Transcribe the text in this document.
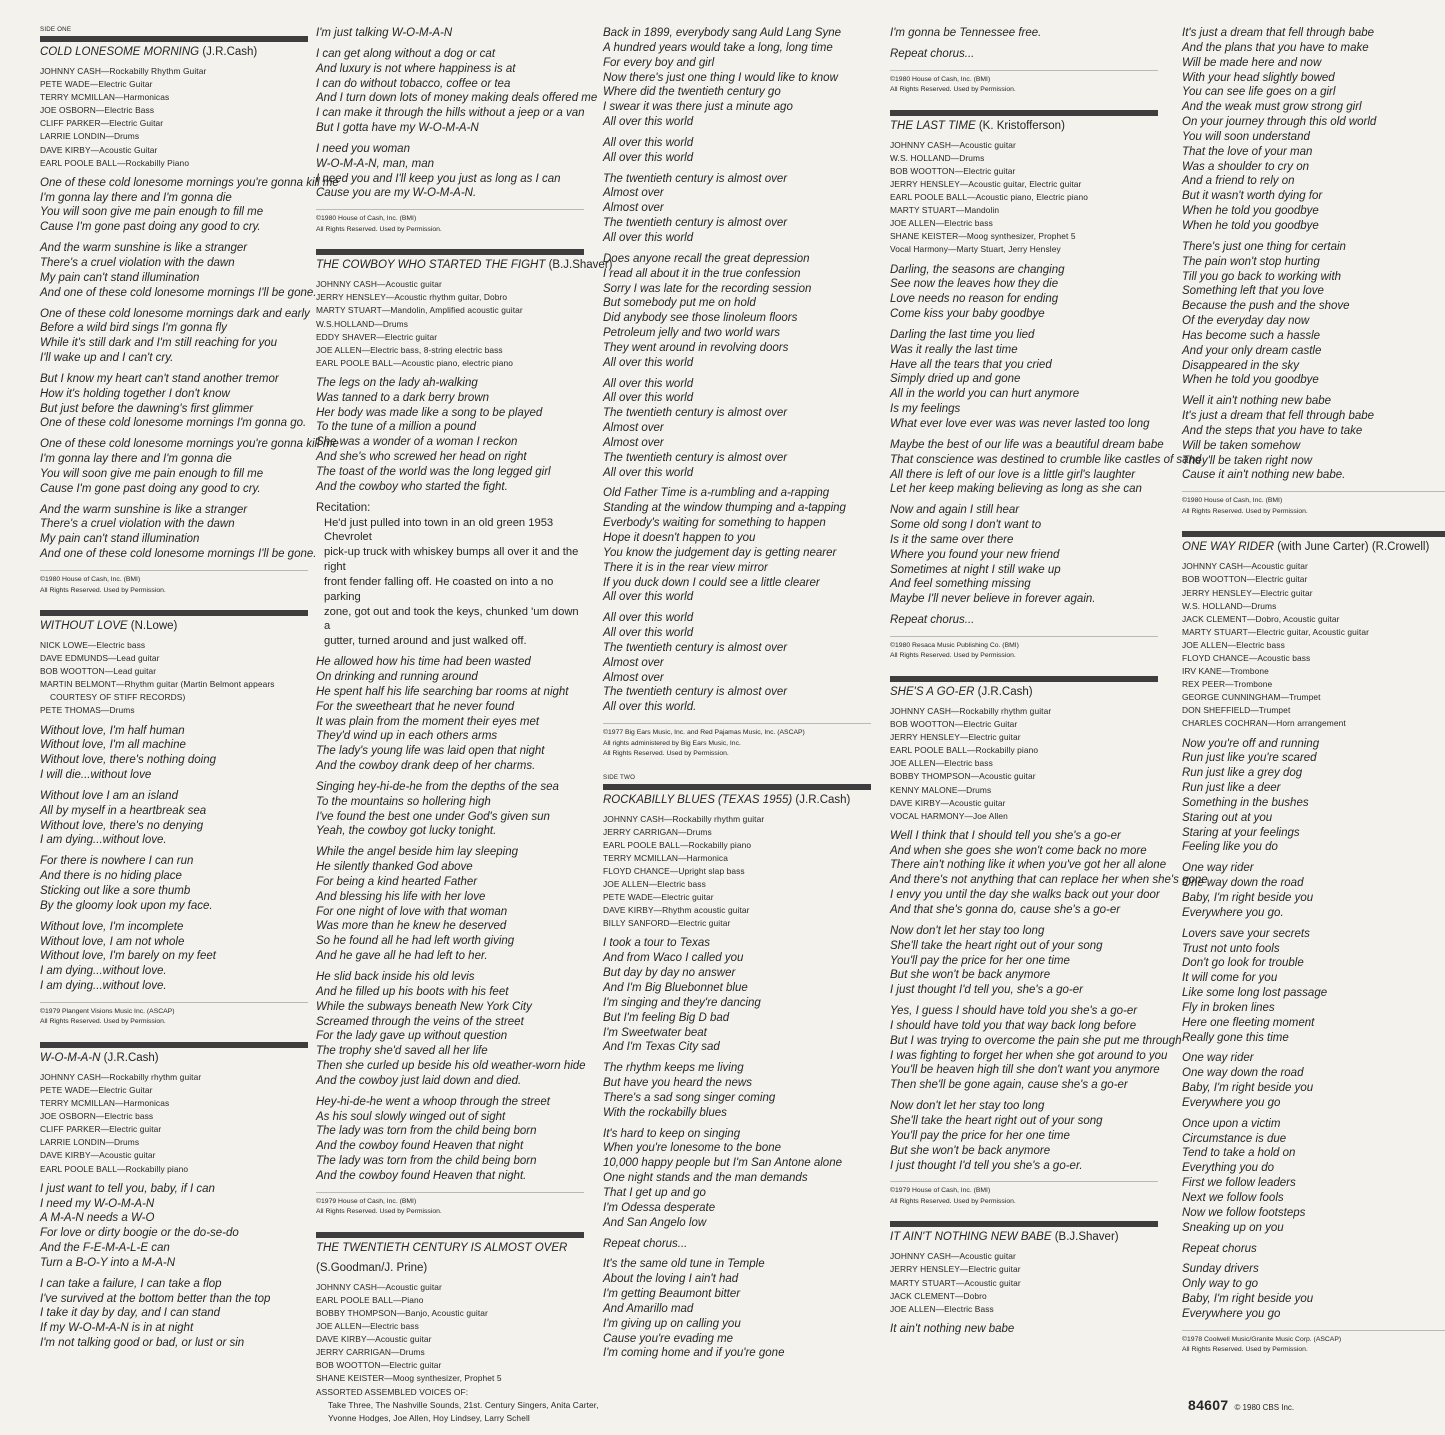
SIDE ONE
COLD LONESOME MORNING (J.R.Cash)
JOHNNY CASH—Rockabilly Rhythm Guitar
PETE WADE—Electric Guitar
TERRY MCMILLAN—Harmonicas
JOE OSBORN—Electric Bass
CLIFF PARKER—Electric Guitar
LARRIE LONDIN—Drums
DAVE KIRBY—Acoustic Guitar
EARL POOLE BALL—Rockabilly Piano
One of these cold lonesome mornings you're gonna kill me
I'm gonna lay there and I'm gonna die
You will soon give me pain enough to fill me
Cause I'm gone past doing any good to cry.
And the warm sunshine is like a stranger
There's a cruel violation with the dawn
My pain can't stand illumination
And one of these cold lonesome mornings I'll be gone.
One of these cold lonesome mornings dark and early
Before a wild bird sings I'm gonna fly
While it's still dark and I'm still reaching for you
I'll wake up and I can't cry.
But I know my heart can't stand another tremor
How it's holding together I don't know
But just before the dawning's first glimmer
One of these cold lonesome mornings I'm gonna go.
One of these cold lonesome mornings you're gonna kill me
I'm gonna lay there and I'm gonna die
You will soon give me pain enough to fill me
Cause I'm gone past doing any good to cry.
And the warm sunshine is like a stranger
There's a cruel violation with the dawn
My pain can't stand illumination
And one of these cold lonesome mornings I'll be gone.
©1980 House of Cash, Inc. (BMI)
All Rights Reserved. Used by Permission.
WITHOUT LOVE (N.Lowe)
NICK LOWE—Electric bass
DAVE EDMUNDS—Lead guitar
BOB WOOTTON—Lead guitar
MARTIN BELMONT—Rhythm guitar (Martin Belmont appears
COURTESY OF STIFF RECORDS)
PETE THOMAS—Drums
Without love, I'm half human
Without love, I'm all machine
Without love, there's nothing doing
I will die...without love
Without love I am an island
All by myself in a heartbreak sea
Without love, there's no denying
I am dying...without love.
For there is nowhere I can run
And there is no hiding place
Sticking out like a sore thumb
By the gloomy look upon my face.
Without love, I'm incomplete
Without love, I am not whole
Without love, I'm barely on my feet
I am dying...without love.
I am dying...without love.
©1979 Plangent Visions Music Inc. (ASCAP)
All Rights Reserved. Used by Permission.
W-O-M-A-N (J.R.Cash)
JOHNNY CASH—Rockabilly rhythm guitar
PETE WADE—Electric Guitar
TERRY MCMILLAN—Harmonicas
JOE OSBORN—Electric bass
CLIFF PARKER—Electric guitar
LARRIE LONDIN—Drums
DAVE KIRBY—Acoustic guitar
EARL POOLE BALL—Rockabilly piano
I just want to tell you, baby, if I can
I need my W-O-M-A-N
A M-A-N needs a W-O
For love or dirty boogie or the do-se-do
And the F-E-M-A-L-E can
Turn a B-O-Y into a M-A-N
I can take a failure, I can take a flop
I've survived at the bottom better than the top
I take it day by day, and I can stand
If my W-O-M-A-N is in at night
I'm not talking good or bad, or lust or sin
I'm just talking W-O-M-A-N
I can get along without a dog or cat
And luxury is not where happiness is at
I can do without tobacco, coffee or tea
And I turn down lots of money making deals offered me
I can make it through the hills without a jeep or a van
But I gotta have my W-O-M-A-N
I need you woman
W-O-M-A-N, man, man
I need you and I'll keep you just as long as I can
Cause you are my W-O-M-A-N.
©1980 House of Cash, Inc. (BMI)
All Rights Reserved. Used by Permission.
THE COWBOY WHO STARTED THE FIGHT (B.J.Shaver)
JOHNNY CASH—Acoustic guitar
JERRY HENSLEY—Acoustic rhythm guitar, Dobro
MARTY STUART—Mandolin, Amplified acoustic guitar
W.S.HOLLAND—Drums
EDDY SHAVER—Electric guitar
JOE ALLEN—Electric bass, 8-string electric bass
EARL POOLE BALL—Acoustic piano, electric piano
The legs on the lady ah-walking
Was tanned to a dark berry brown
Her body was made like a song to be played
To the tune of a million a pound
She was a wonder of a woman I reckon
And she's who screwed her head on right
The toast of the world was the long legged girl
And the cowboy who started the fight.
Recitation:
He'd just pulled into town in an old green 1953 Chevrolet
pick-up truck with whiskey bumps all over it and the right
front fender falling off. He coasted on into a no parking
zone, got out and took the keys, chunked 'um down a
gutter, turned around and just walked off.
He allowed how his time had been wasted
On drinking and running around
He spent half his life searching bar rooms at night
For the sweetheart that he never found
It was plain from the moment their eyes met
They'd wind up in each others arms
The lady's young life was laid open that night
And the cowboy drank deep of her charms.
Singing hey-hi-de-he from the depths of the sea
To the mountains so hollering high
I've found the best one under God's given sun
Yeah, the cowboy got lucky tonight.
While the angel beside him lay sleeping
He silently thanked God above
For being a kind hearted Father
And blessing his life with her love
For one night of love with that woman
Was more than he knew he deserved
So he found all he had left worth giving
And he gave all he had left to her.
He slid back inside his old levis
And he filled up his boots with his feet
While the subways beneath New York City
Screamed through the veins of the street
For the lady gave up without question
The trophy she'd saved all her life
Then she curled up beside his old weather-worn hide
And the cowboy just laid down and died.
Hey-hi-de-he went a whoop through the street
As his soul slowly winged out of sight
The lady was torn from the child being born
And the cowboy found Heaven that night
The lady was torn from the child being born
And the cowboy found Heaven that night.
©1979 House of Cash, Inc. (BMI)
All Rights Reserved. Used by Permission.
THE TWENTIETH CENTURY IS ALMOST OVER
(S.Goodman/J. Prine)
JOHNNY CASH—Acoustic guitar
EARL POOLE BALL—Piano
BOBBY THOMPSON—Banjo, Acoustic guitar
JOE ALLEN—Electric bass
DAVE KIRBY—Acoustic guitar
JERRY CARRIGAN—Drums
BOB WOOTTON—Electric guitar
SHANE KEISTER—Moog synthesizer, Prophet 5
ASSORTED ASSEMBLED VOICES OF:
Take Three, The Nashville Sounds, 21st. Century Singers, Anita Carter,
Yvonne Hodges, Joe Allen, Hoy Lindsey, Larry Schell
Back in 1899, everybody sang Auld Lang Syne
A hundred years would take a long, long time
For every boy and girl
Now there's just one thing I would like to know
Where did the twentieth century go
I swear it was there just a minute ago
All over this world
All over this world
All over this world
The twentieth century is almost over
Almost over
Almost over
The twentieth century is almost over
All over this world
Does anyone recall the great depression
I read all about it in the true confession
Sorry I was late for the recording session
But somebody put me on hold
Did anybody see those linoleum floors
Petroleum jelly and two world wars
They went around in revolving doors
All over this world
All over this world
All over this world
The twentieth century is almost over
Almost over
Almost over
The twentieth century is almost over
All over this world
Old Father Time is a-rumbling and a-rapping
Standing at the window thumping and a-tapping
Everbody's waiting for something to happen
Hope it doesn't happen to you
You know the judgement day is getting nearer
There it is in the rear view mirror
If you duck down I could see a little clearer
All over this world
All over this world
All over this world
The twentieth century is almost over
Almost over
Almost over
The twentieth century is almost over
All over this world.
©1977 Big Ears Music, Inc. and Red Pajamas Music, Inc. (ASCAP)
All rights administered by Big Ears Music, Inc.
All Rights Reserved. Used by Permission.
SIDE TWO
ROCKABILLY BLUES (TEXAS 1955) (J.R.Cash)
JOHNNY CASH—Rockabilly rhythm guitar
JERRY CARRIGAN—Drums
EARL POOLE BALL—Rockabilly piano
TERRY MCMILLAN—Harmonica
FLOYD CHANCE—Upright slap bass
JOE ALLEN—Electric bass
PETE WADE—Electric guitar
DAVE KIRBY—Rhythm acoustic guitar
BILLY SANFORD—Electric guitar
I took a tour to Texas
And from Waco I called you
But day by day no answer
And I'm Big Bluebonnet blue
I'm singing and they're dancing
But I'm feeling Big D bad
I'm Sweetwater beat
And I'm Texas City sad
The rhythm keeps me living
But have you heard the news
There's a sad song singer coming
With the rockabilly blues
It's hard to keep on singing
When you're lonesome to the bone
10,000 happy people but I'm San Antone alone
One night stands and the man demands
That I get up and go
I'm Odessa desperate
And San Angelo low
Repeat chorus...
It's the same old tune in Temple
About the loving I ain't had
I'm getting Beaumont bitter
And Amarillo mad
I'm giving up on calling you
Cause you're evading me
I'm coming home and if you're gone
I'm gonna be Tennessee free.
Repeat chorus...
©1980 House of Cash, Inc. (BMI)
All Rights Reserved. Used by Permission.
THE LAST TIME (K. Kristofferson)
JOHNNY CASH—Acoustic guitar
W.S. HOLLAND—Drums
BOB WOOTTON—Electric guitar
JERRY HENSLEY—Acoustic guitar, Electric guitar
EARL POOLE BALL—Acoustic piano, Electric piano
MARTY STUART—Mandolin
JOE ALLEN—Electric bass
SHANE KEISTER—Moog synthesizer, Prophet 5
Vocal Harmony—Marty Stuart, Jerry Hensley
Darling, the seasons are changing
See now the leaves how they die
Love needs no reason for ending
Come kiss your baby goodbye
Darling the last time you lied
Was it really the last time
Have all the tears that you cried
Simply dried up and gone
All in the world you can hurt anymore
Is my feelings
What ever love ever was was never lasted too long
Maybe the best of our life was a beautiful dream babe
That conscience was destined to crumble like castles of sand
All there is left of our love is a little girl's laughter
Let her keep making believing as long as she can
Now and again I still hear
Some old song I don't want to
Is it the same over there
Where you found your new friend
Sometimes at night I still wake up
And feel something missing
Maybe I'll never believe in forever again.
Repeat chorus...
©1980 Resaca Music Publishing Co. (BMI)
All Rights Reserved. Used by Permission.
SHE'S A GO-ER (J.R.Cash)
JOHNNY CASH—Rockabilly rhythm guitar
BOB WOOTTON—Electric Guitar
JERRY HENSLEY—Electric guitar
EARL POOLE BALL—Rockabilly piano
JOE ALLEN—Electric bass
BOBBY THOMPSON—Acoustic guitar
KENNY MALONE—Drums
DAVE KIRBY—Acoustic guitar
VOCAL HARMONY—Joe Allen
Well I think that I should tell you she's a go-er
And when she goes she won't come back no more
There ain't nothing like it when you've got her all alone
And there's not anything that can replace her when she's gone
I envy you until the day she walks back out your door
And that she's gonna do, cause she's a go-er
Now don't let her stay too long
She'll take the heart right out of your song
You'll pay the price for her one time
But she won't be back anymore
I just thought I'd tell you, she's a go-er
Yes, I guess I should have told you she's a go-er
I should have told you that way back long before
But I was trying to overcome the pain she put me through
I was fighting to forget her when she got around to you
You'll be heaven high till she don't want you anymore
Then she'll be gone again, cause she's a go-er
Now don't let her stay too long
She'll take the heart right out of your song
You'll pay the price for her one time
But she won't be back anymore
I just thought I'd tell you she's a go-er.
©1979 House of Cash, Inc. (BMI)
All Rights Reserved. Used by Permission.
IT AIN'T NOTHING NEW BABE (B.J.Shaver)
JOHNNY CASH—Acoustic guitar
JERRY HENSLEY—Electric guitar
MARTY STUART—Acoustic guitar
JACK CLEMENT—Dobro
JOE ALLEN—Electric Bass
It ain't nothing new babe
It's just a dream that fell through babe
And the plans that you have to make
Will be made here and now
With your head slightly bowed
You can see life goes on a girl
And the weak must grow strong girl
On your journey through this old world
You will soon understand
That the love of your man
Was a shoulder to cry on
And a friend to rely on
But it wasn't worth dying for
When he told you goodbye
When he told you goodbye
There's just one thing for certain
The pain won't stop hurting
Till you go back to working with
Something left that you love
Because the push and the shove
Of the everyday day now
Has become such a hassle
And your only dream castle
Disappeared in the sky
When he told you goodbye
Well it ain't nothing new babe
It's just a dream that fell through babe
And the steps that you have to take
Will be taken somehow
They'll be taken right now
Cause it ain't nothing new babe.
©1980 House of Cash, Inc. (BMI)
All Rights Reserved. Used by Permission.
ONE WAY RIDER (with June Carter) (R.Crowell)
JOHNNY CASH—Acoustic guitar
BOB WOOTTON—Electric guitar
JERRY HENSLEY—Electric guitar
W.S. HOLLAND—Drums
JACK CLEMENT—Dobro, Acoustic guitar
MARTY STUART—Electric guitar, Acoustic guitar
JOE ALLEN—Electric bass
FLOYD CHANCE—Acoustic bass
IRV KANE—Trombone
REX PEER—Trombone
GEORGE CUNNINGHAM—Trumpet
DON SHEFFIELD—Trumpet
CHARLES COCHRAN—Horn arrangement
Now you're off and running
Run just like you're scared
Run just like a grey dog
Run just like a deer
Something in the bushes
Staring out at you
Staring at your feelings
Feeling like you do
One way rider
One way down the road
Baby, I'm right beside you
Everywhere you go.
Lovers save your secrets
Trust not unto fools
Don't go look for trouble
It will come for you
Like some long lost passage
Fly in broken lines
Here one fleeting moment
Really gone this time
One way rider
One way down the road
Baby, I'm right beside you
Everywhere you go
Once upon a victim
Circumstance is due
Tend to take a hold on
Everything you do
First we follow leaders
Next we follow fools
Now we follow footsteps
Sneaking up on you
Repeat chorus
Sunday drivers
Only way to go
Baby, I'm right beside you
Everywhere you go
©1978 Coolwell Music/Granite Music Corp. (ASCAP)
All Rights Reserved. Used by Permission.
84607 © 1980 CBS Inc.
